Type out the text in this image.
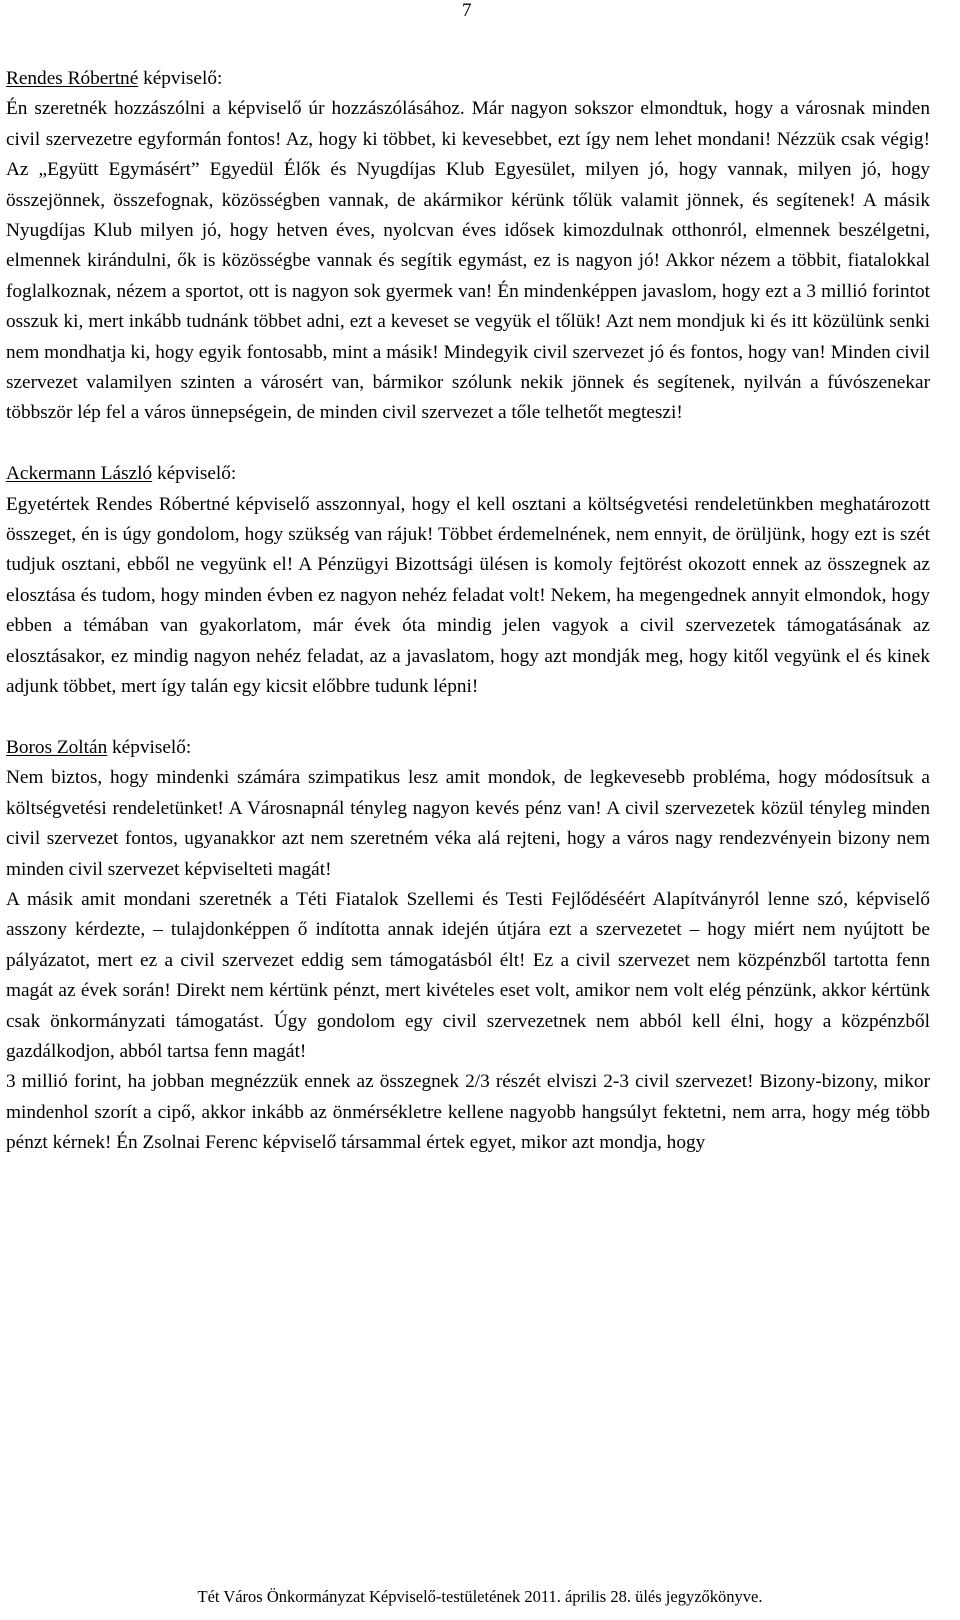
7
Rendes Róbertné képviselő:

Én szeretnék hozzászólni a képviselő úr hozzászólásához. Már nagyon sokszor elmondtuk, hogy a városnak minden civil szervezetre egyformán fontos! Az, hogy ki többet, ki kevesebbet, ezt így nem lehet mondani! Nézzük csak végig! Az „Együtt Egymásért” Egyedül Élők és Nyugdíjas Klub Egyesület, milyen jó, hogy vannak, milyen jó, hogy összejönnek, összefognak, közösségben vannak, de akármikor kérünk tőlük valamit jönnek, és segítenek! A másik Nyugdíjas Klub milyen jó, hogy hetven éves, nyolcvan éves idősek kimozdulnak otthonról, elmennek beszélgetni, elmennek kirándulni, ők is közösségbe vannak és segítik egymást, ez is nagyon jó! Akkor nézem a többit, fiatalokkal foglalkoznak, nézem a sportot, ott is nagyon sok gyermek van! Én mindenképpen javaslom, hogy ezt a 3 millió forintot osszuk ki, mert inkább tudnánk többet adni, ezt a keveset se vegyük el tőlük! Azt nem mondjuk ki és itt közülünk senki nem mondhatja ki, hogy egyik fontosabb, mint a másik! Mindegyik civil szervezet jó és fontos, hogy van! Minden civil szervezet valamilyen szinten a városért van, bármikor szólunk nekik jönnek és segítenek, nyilván a fúvószenekar többször lép fel a város ünnepségein, de minden civil szervezet a tőle telhetőt megteszi!

Ackermann László képviselő:

Egyetértek Rendes Róbertné képviselő asszonnyal, hogy el kell osztani a költségvetési rendeletünkben meghatározott összeget, én is úgy gondolom, hogy szükség van rájuk! Többet érdemelnének, nem ennyit, de örüljünk, hogy ezt is szét tudjuk osztani, ebből ne vegyünk el! A Pénzügyi Bizottsági ülésen is komoly fejtörést okozott ennek az összegnek az elosztása és tudom, hogy minden évben ez nagyon nehéz feladat volt! Nekem, ha megengednek annyit elmondok, hogy ebben a témában van gyakorlatom, már évek óta mindig jelen vagyok a civil szervezetek támogatásának az elosztásakor, ez mindig nagyon nehéz feladat, az a javaslatom, hogy azt mondják meg, hogy kitől vegyünk el és kinek adjunk többet, mert így talán egy kicsit előbbre tudunk lépni!

Boros Zoltán képviselő:

Nem biztos, hogy mindenki számára szimpatikus lesz amit mondok, de legkevesebb probléma, hogy módosítsuk a költségvetési rendeletünket! A Városnapnál tényleg nagyon kevés pénz van! A civil szervezetek közül tényleg minden civil szervezet fontos, ugyanakkor azt nem szeretném véka alá rejteni, hogy a város nagy rendezvényein bizony nem minden civil szervezet képviselteti magát!

A másik amit mondani szeretnék a Téti Fiatalok Szellemi és Testi Fejlődéséért Alapítványról lenne szó, képviselő asszony kérdezte, – tulajdonképpen ő indította annak idején útjára ezt a szervezetet – hogy miért nem nyújtott be pályázatot, mert ez a civil szervezet eddig sem támogatásból élt! Ez a civil szervezet nem közpénzből tartotta fenn magát az évek során! Direkt nem kértünk pénzt, mert kivételes eset volt, amikor nem volt elég pénzünk, akkor kértünk csak önkormányzati támogatást. Úgy gondolom egy civil szervezetnek nem abból kell élni, hogy a közpénzből gazdálkodjon, abból tartsa fenn magát!

3 millió forint, ha jobban megnézzük ennek az összegnek 2/3 részét elviszi 2-3 civil szervezet! Bizony-bizony, mikor mindenhol szorít a cipő, akkor inkább az önmérsékletre kellene nagyobb hangsúlyt fektetni, nem arra, hogy még több pénzt kérnek! Én Zsolnai Ferenc képviselő társammal értek egyet, mikor azt mondja, hogy

Tét Város Önkormányzat Képviselő-testületének 2011. április 28. ülés jegyzőkönyve.
